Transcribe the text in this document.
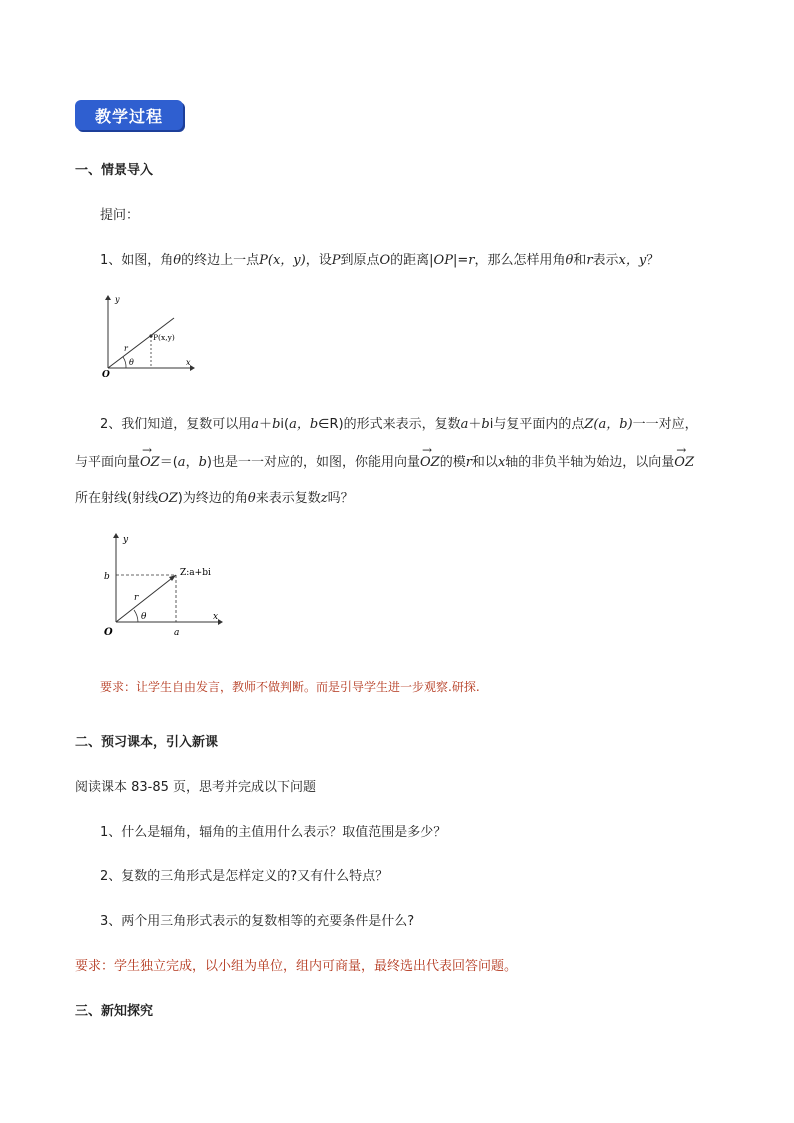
教学过程
一、情景导入
提问：
1、如图，角θ的终边上一点P(x，y)，设P到原点O的距离|OP|=r，那么怎样用角θ和r表示x，y？
y
x
O
r
θ
P(x,y)
2、我们知道，复数可以用a＋bi(a，b∈R)的形式来表示，复数a＋bi与复平面内的点Z(a，b)一一对应，
与平面向量→ OZ＝(a，b)也是一一对应的，如图，你能用向量→ OZ的模r和以x轴的非负半轴为始边，以向量→ OZ
所在射线(射线OZ)为终边的角θ来表示复数z吗？
y
x
O	a
b
r
θ
Z:a+bi
要求：让学生自由发言，教师不做判断。而是引导学生进一步观察.研探.
二、预习课本，引入新课
阅读课本 83-85 页，思考并完成以下问题
1、什么是辐角，辐角的主值用什么表示？取值范围是多少？
2、复数的三角形式是怎样定义的?又有什么特点？
3、两个用三角形式表示的复数相等的充要条件是什么?
要求：学生独立完成，以小组为单位，组内可商量，最终选出代表回答问题。
三、新知探究
